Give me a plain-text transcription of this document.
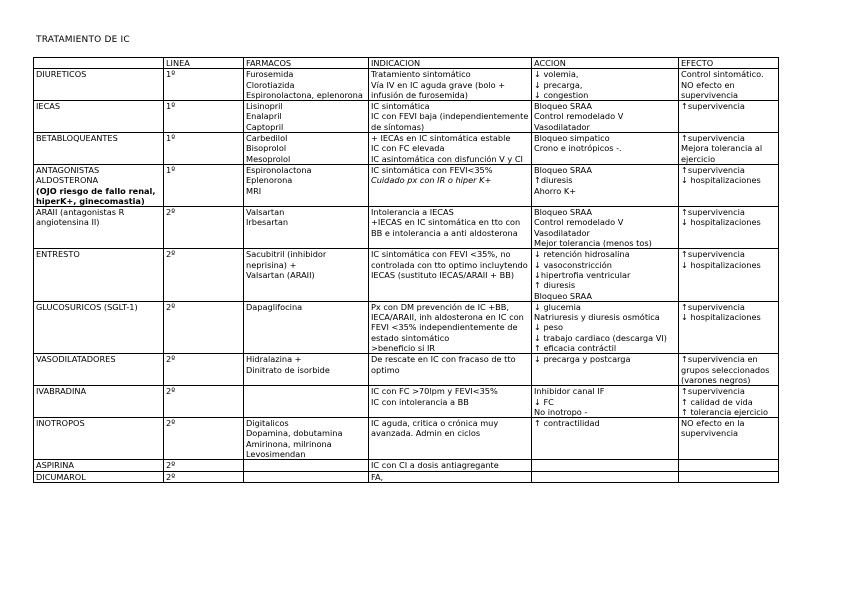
TRATAMIENTO DE IC
	LINEA	FARMACOS	INDICACION	ACCION	EFECTO

DIURETICOS	1º	Furosemida
Clorotiazida
Espironolactona, eplenorona	Tratamiento sintomático
Vía IV en IC aguda grave (bolo + infusión de furosemida)	↓ volemia,
↓ precarga,
↓ congestion	Control sintomático.
NO efecto en supervivencia

IECAS	1º	Lisinopril
Enalapril
Captopril	IC sintomática
IC con FEVI baja (independientemente de síntomas)	Bloqueo SRAA
Control remodelado V
Vasodilatador	↑supervivencia

BETABLOQUEANTES	1º	Carbedilol
Bisoprolol
Mesoprolol	+ IECAs en IC sintomática estable
IC con FC elevada
IC asintomática con disfunción V y CI	Bloqueo simpatico
Crono e inotrópicos -.	↑supervivencia
Mejora tolerancia al ejercicio

ANTAGONISTAS ALDOSTERONA
(OJO riesgo de fallo renal, hiperK+, ginecomastia)	1º	Espironolactona
Eplenorona
MRI	IC sintomática con FEVI<35%
Cuidado px con IR o hiper K+	Bloqueo SRAA
↑diuresis
Ahorro K+	↑supervivencia
↓ hospitalizaciones

ARAII (antagonistas R angiotensina II)	2º	Valsartan
Irbesartan	Intolerancia a IECAS
+IECAS en IC sintomática en tto con BB e intolerancia a anti aldosterona	Bloqueo SRAA
Control remodelado V
Vasodilatador
Mejor tolerancia (menos tos)	↑supervivencia
↓ hospitalizaciones

ENTRESTO	2º	Sacubitril (inhibidor neprisina) +
Valsartan (ARAII)	IC sintomática con FEVI <35%, no controlada con tto optimo incluytendo IECAS (sustituto IECAS/ARAII + BB)	↓ retención hidrosalina
↓ vasoconstricción
↓hipertrofia ventricular
↑ diuresis
Bloqueo SRAA	↑supervivencia
↓ hospitalizaciones

GLUCOSURICOS (SGLT-1)	2º	Dapaglifocina	Px con DM prevención de IC +BB, IECA/ARAII, inh aldosterona en IC con FEVI <35% independientemente de estado sintomático
>beneficio si IR	↓ glucemia
Natriuresis y diuresis osmótica
↓ peso
↓ trabajo cardiaco (descarga VI)
↑ eficacia contráctil	↑supervivencia
↓ hospitalizaciones

VASODILATADORES	2º	Hidralazina +
Dinitrato de isorbide	De rescate en IC con fracaso de tto optimo	↓ precarga y postcarga	↑supervivencia en grupos seleccionados (varones negros)

IVABRADINA	2º		IC con FC >70lpm y FEVI<35%
IC con intolerancia a BB	Inhibidor canal IF
↓ FC
No inotropo -	↑supervivencia
↑ calidad de vida
↑ tolerancia ejercicio

INOTROPOS	2º	Digitalicos
Dopamina, dobutamina
Amirinona, milrinona
Levosimendan	IC aguda, critica o crónica muy avanzada. Admin en ciclos	↑ contractilidad	NO efecto en la supervivencia

ASPIRINA	2º		IC con CI a dosis antiagregante		

DICUMAROL	2º		FA,		
